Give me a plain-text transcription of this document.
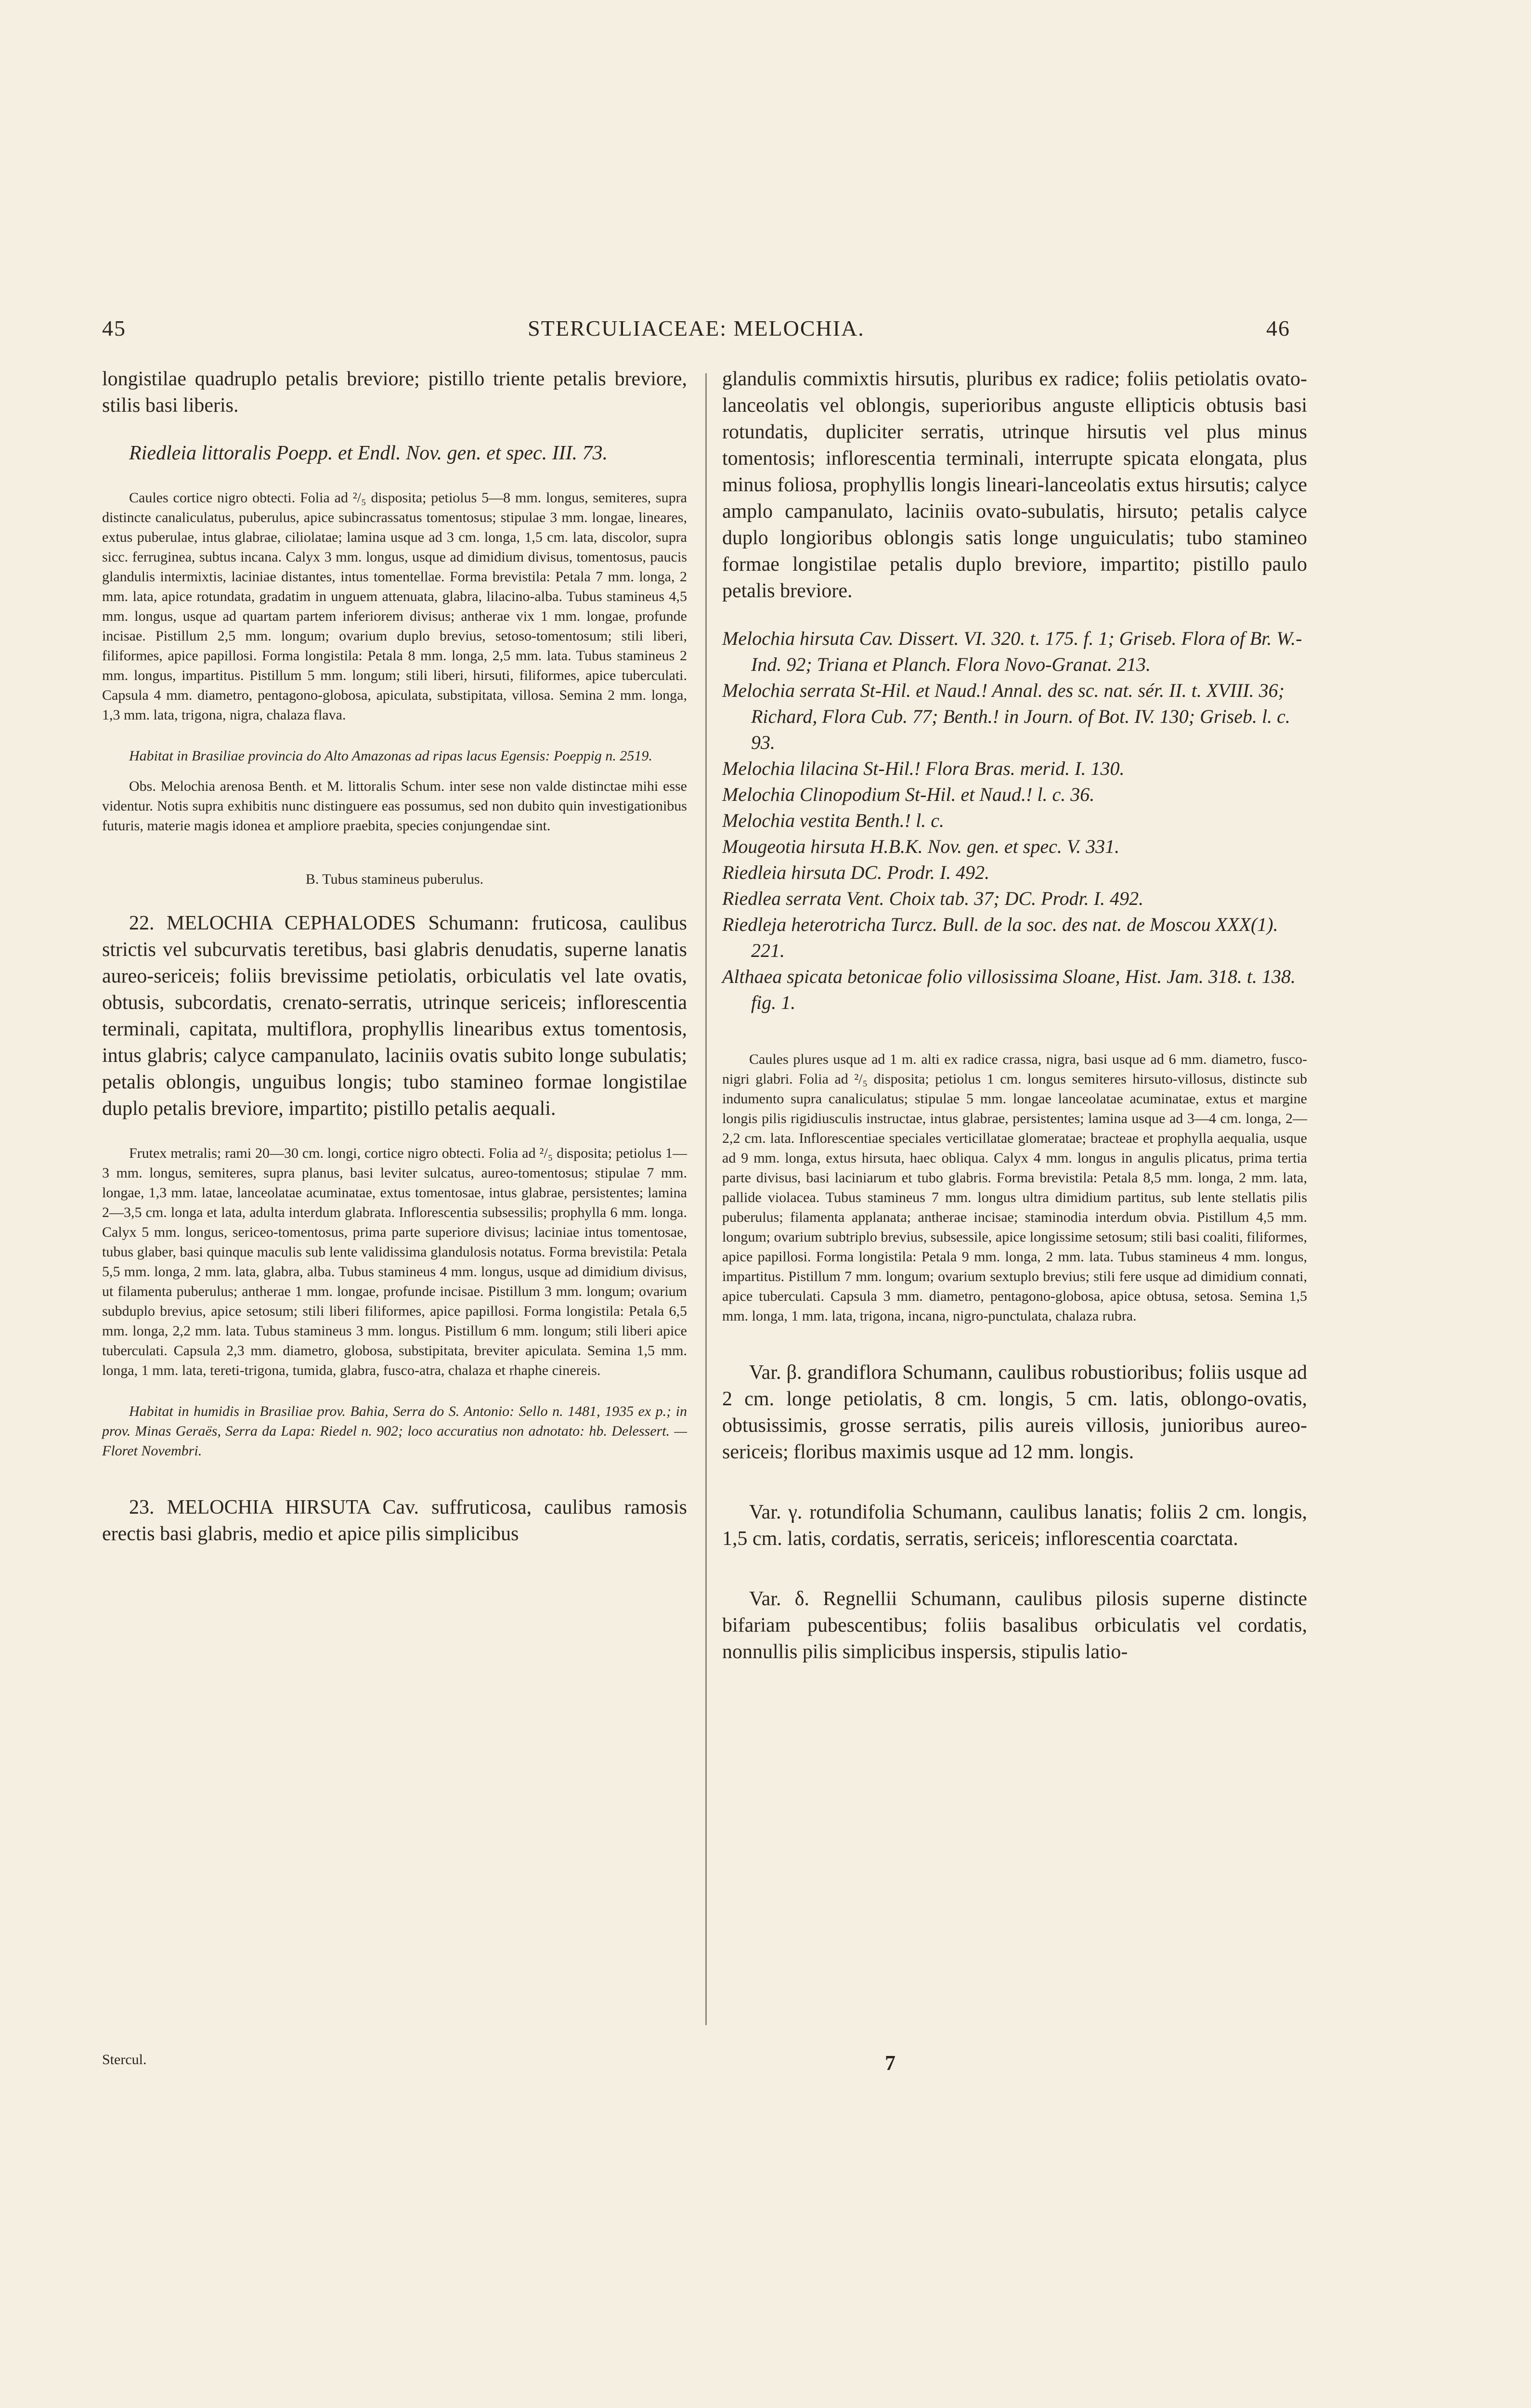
45	STERCULIACEAE: MELOCHIA.	46

longistilae quadruplo petalis breviore; pistillo triente petalis breviore, stilis basi liberis.

Riedleia littoralis Poepp. et Endl. Nov. gen. et spec. III. 73.

Caules cortice nigro obtecti. Folia ad ²/₅ disposita; petiolus 5—8 mm. longus, semiteres, supra distincte canaliculatus, puberulus, apice subincrassatus tomentosus; stipulae 3 mm. longae, lineares, extus puberulae, intus glabrae, ciliolatae; lamina usque ad 3 cm. longa, 1,5 cm. lata, discolor, supra sicc. ferruginea, subtus incana. Calyx 3 mm. longus, usque ad dimidium divisus, tomentosus, paucis glandulis intermixtis, laciniae distantes, intus tomentellae. Forma brevistila: Petala 7 mm. longa, 2 mm. lata, apice rotundata, gradatim in unguem attenuata, glabra, lilacino-alba. Tubus stamineus 4,5 mm. longus, usque ad quartam partem inferiorem divisus; antherae vix 1 mm. longae, profunde incisae. Pistillum 2,5 mm. longum; ovarium duplo brevius, setoso-tomentosum; stili liberi, filiformes, apice papillosi. Forma longistila: Petala 8 mm. longa, 2,5 mm. lata. Tubus stamineus 2 mm. longus, impartitus. Pistillum 5 mm. longum; stili liberi, hirsuti, filiformes, apice tuberculati. Capsula 4 mm. diametro, pentagono-globosa, apiculata, substipitata, villosa. Semina 2 mm. longa, 1,3 mm. lata, trigona, nigra, chalaza flava.

Habitat in Brasiliae provincia do Alto Amazonas ad ripas lacus Egensis: Poeppig n. 2519.

Obs. Melochia arenosa Benth. et M. littoralis Schum. inter sese non valde distinctae mihi esse videntur. Notis supra exhibitis nunc distinguere eas possumus, sed non dubito quin investigationibus futuris, materie magis idonea et ampliore praebita, species conjungendae sint.

B. Tubus stamineus puberulus.

22. MELOCHIA CEPHALODES Schumann: fruticosa, caulibus strictis vel subcurvatis teretibus, basi glabris denudatis, superne lanatis aureo-sericeis; foliis brevissime petiolatis, orbiculatis vel late ovatis, obtusis, subcordatis, crenato-serratis, utrinque sericeis; inflorescentia terminali, capitata, multiflora, prophyllis linearibus extus tomentosis, intus glabris; calyce campanulato, laciniis ovatis subito longe subulatis; petalis oblongis, unguibus longis; tubo stamineo formae longistilae duplo petalis breviore, impartito; pistillo petalis aequali.

Frutex metralis; rami 20—30 cm. longi, cortice nigro obtecti. Folia ad ²/₅ disposita; petiolus 1—3 mm. longus, semiteres, supra planus, basi leviter sulcatus, aureo-tomentosus; stipulae 7 mm. longae, 1,3 mm. latae, lanceolatae acuminatae, extus tomentosae, intus glabrae, persistentes; lamina 2—3,5 cm. longa et lata, adulta interdum glabrata. Inflorescentia subsessilis; prophylla 6 mm. longa. Calyx 5 mm. longus, sericeo-tomentosus, prima parte superiore divisus; laciniae intus tomentosae, tubus glaber, basi quinque maculis sub lente validissima glandulosis notatus. Forma brevistila: Petala 5,5 mm. longa, 2 mm. lata, glabra, alba. Tubus stamineus 4 mm. longus, usque ad dimidium divisus, ut filamenta puberulus; antherae 1 mm. longae, profunde incisae. Pistillum 3 mm. longum; ovarium subduplo brevius, apice setosum; stili liberi filiformes, apice papillosi. Forma longistila: Petala 6,5 mm. longa, 2,2 mm. lata. Tubus stamineus 3 mm. longus. Pistillum 6 mm. longum; stili liberi apice tuberculati. Capsula 2,3 mm. diametro, globosa, substipitata, breviter apiculata. Semina 1,5 mm. longa, 1 mm. lata, tereti-trigona, tumida, glabra, fusco-atra, chalaza et rhaphe cinereis.

Habitat in humidis in Brasiliae prov. Bahia, Serra do S. Antonio: Sello n. 1481, 1935 ex p.; in prov. Minas Geraës, Serra da Lapa: Riedel n. 902; loco accuratius non adnotato: hb. Delessert. — Floret Novembri.

23. MELOCHIA HIRSUTA Cav. suffruticosa, caulibus ramosis erectis basi glabris, medio et apice pilis simplicibus

glandulis commixtis hirsutis, pluribus ex radice; foliis petiolatis ovato-lanceolatis vel oblongis, superioribus anguste ellipticis obtusis basi rotundatis, dupliciter serratis, utrinque hirsutis vel plus minus tomentosis; inflorescentia terminali, interrupte spicata elongata, plus minus foliosa, prophyllis longis lineari-lanceolatis extus hirsutis; calyce amplo campanulato, laciniis ovato-subulatis, hirsuto; petalis calyce duplo longioribus oblongis satis longe unguiculatis; tubo stamineo formae longistilae petalis duplo breviore, impartito; pistillo paulo petalis breviore.

Melochia hirsuta Cav. Dissert. VI. 320. t. 175. f. 1; Griseb. Flora of Br. W.-Ind. 92; Triana et Planch. Flora Novo-Granat. 213.

Melochia serrata St-Hil. et Naud.! Annal. des sc. nat. sér. II. t. XVIII. 36; Richard, Flora Cub. 77; Benth.! in Journ. of Bot. IV. 130; Griseb. l. c. 93.

Melochia lilacina St-Hil.! Flora Bras. merid. I. 130.

Melochia Clinopodium St-Hil. et Naud.! l. c. 36.

Melochia vestita Benth.! l. c.

Mougeotia hirsuta H.B.K. Nov. gen. et spec. V. 331.

Riedleia hirsuta DC. Prodr. I. 492.

Riedlea serrata Vent. Choix tab. 37; DC. Prodr. I. 492.

Riedleja heterotricha Turcz. Bull. de la soc. des nat. de Moscou XXX(1). 221.

Althaea spicata betonicae folio villosissima Sloane, Hist. Jam. 318. t. 138. fig. 1.

Caules plures usque ad 1 m. alti ex radice crassa, nigra, basi usque ad 6 mm. diametro, fusco-nigri glabri. Folia ad ²/₅ disposita; petiolus 1 cm. longus semiteres hirsuto-villosus, distincte sub indumento supra canaliculatus; stipulae 5 mm. longae lanceolatae acuminatae, extus et margine longis pilis rigidiusculis instructae, intus glabrae, persistentes; lamina usque ad 3—4 cm. longa, 2—2,2 cm. lata. Inflorescentiae speciales verticillatae glomeratae; bracteae et prophylla aequalia, usque ad 9 mm. longa, extus hirsuta, haec obliqua. Calyx 4 mm. longus in angulis plicatus, prima tertia parte divisus, basi laciniarum et tubo glabris. Forma brevistila: Petala 8,5 mm. longa, 2 mm. lata, pallide violacea. Tubus stamineus 7 mm. longus ultra dimidium partitus, sub lente stellatis pilis puberulus; filamenta applanata; antherae incisae; staminodia interdum obvia. Pistillum 4,5 mm. longum; ovarium subtriplo brevius, subsessile, apice longissime setosum; stili basi coaliti, filiformes, apice papillosi. Forma longistila: Petala 9 mm. longa, 2 mm. lata. Tubus stamineus 4 mm. longus, impartitus. Pistillum 7 mm. longum; ovarium sextuplo brevius; stili fere usque ad dimidium connati, apice tuberculati. Capsula 3 mm. diametro, pentagono-globosa, apice obtusa, setosa. Semina 1,5 mm. longa, 1 mm. lata, trigona, incana, nigro-punctulata, chalaza rubra.

Var. β. grandiflora Schumann, caulibus robustioribus; foliis usque ad 2 cm. longe petiolatis, 8 cm. longis, 5 cm. latis, oblongo-ovatis, obtusissimis, grosse serratis, pilis aureis villosis, junioribus aureo-sericeis; floribus maximis usque ad 12 mm. longis.

Var. γ. rotundifolia Schumann, caulibus lanatis; foliis 2 cm. longis, 1,5 cm. latis, cordatis, serratis, sericeis; inflorescentia coarctata.

Var. δ. Regnellii Schumann, caulibus pilosis superne distincte bifariam pubescentibus; foliis basalibus orbiculatis vel cordatis, nonnullis pilis simplicibus inspersis, stipulis latio-

Stercul.	7
